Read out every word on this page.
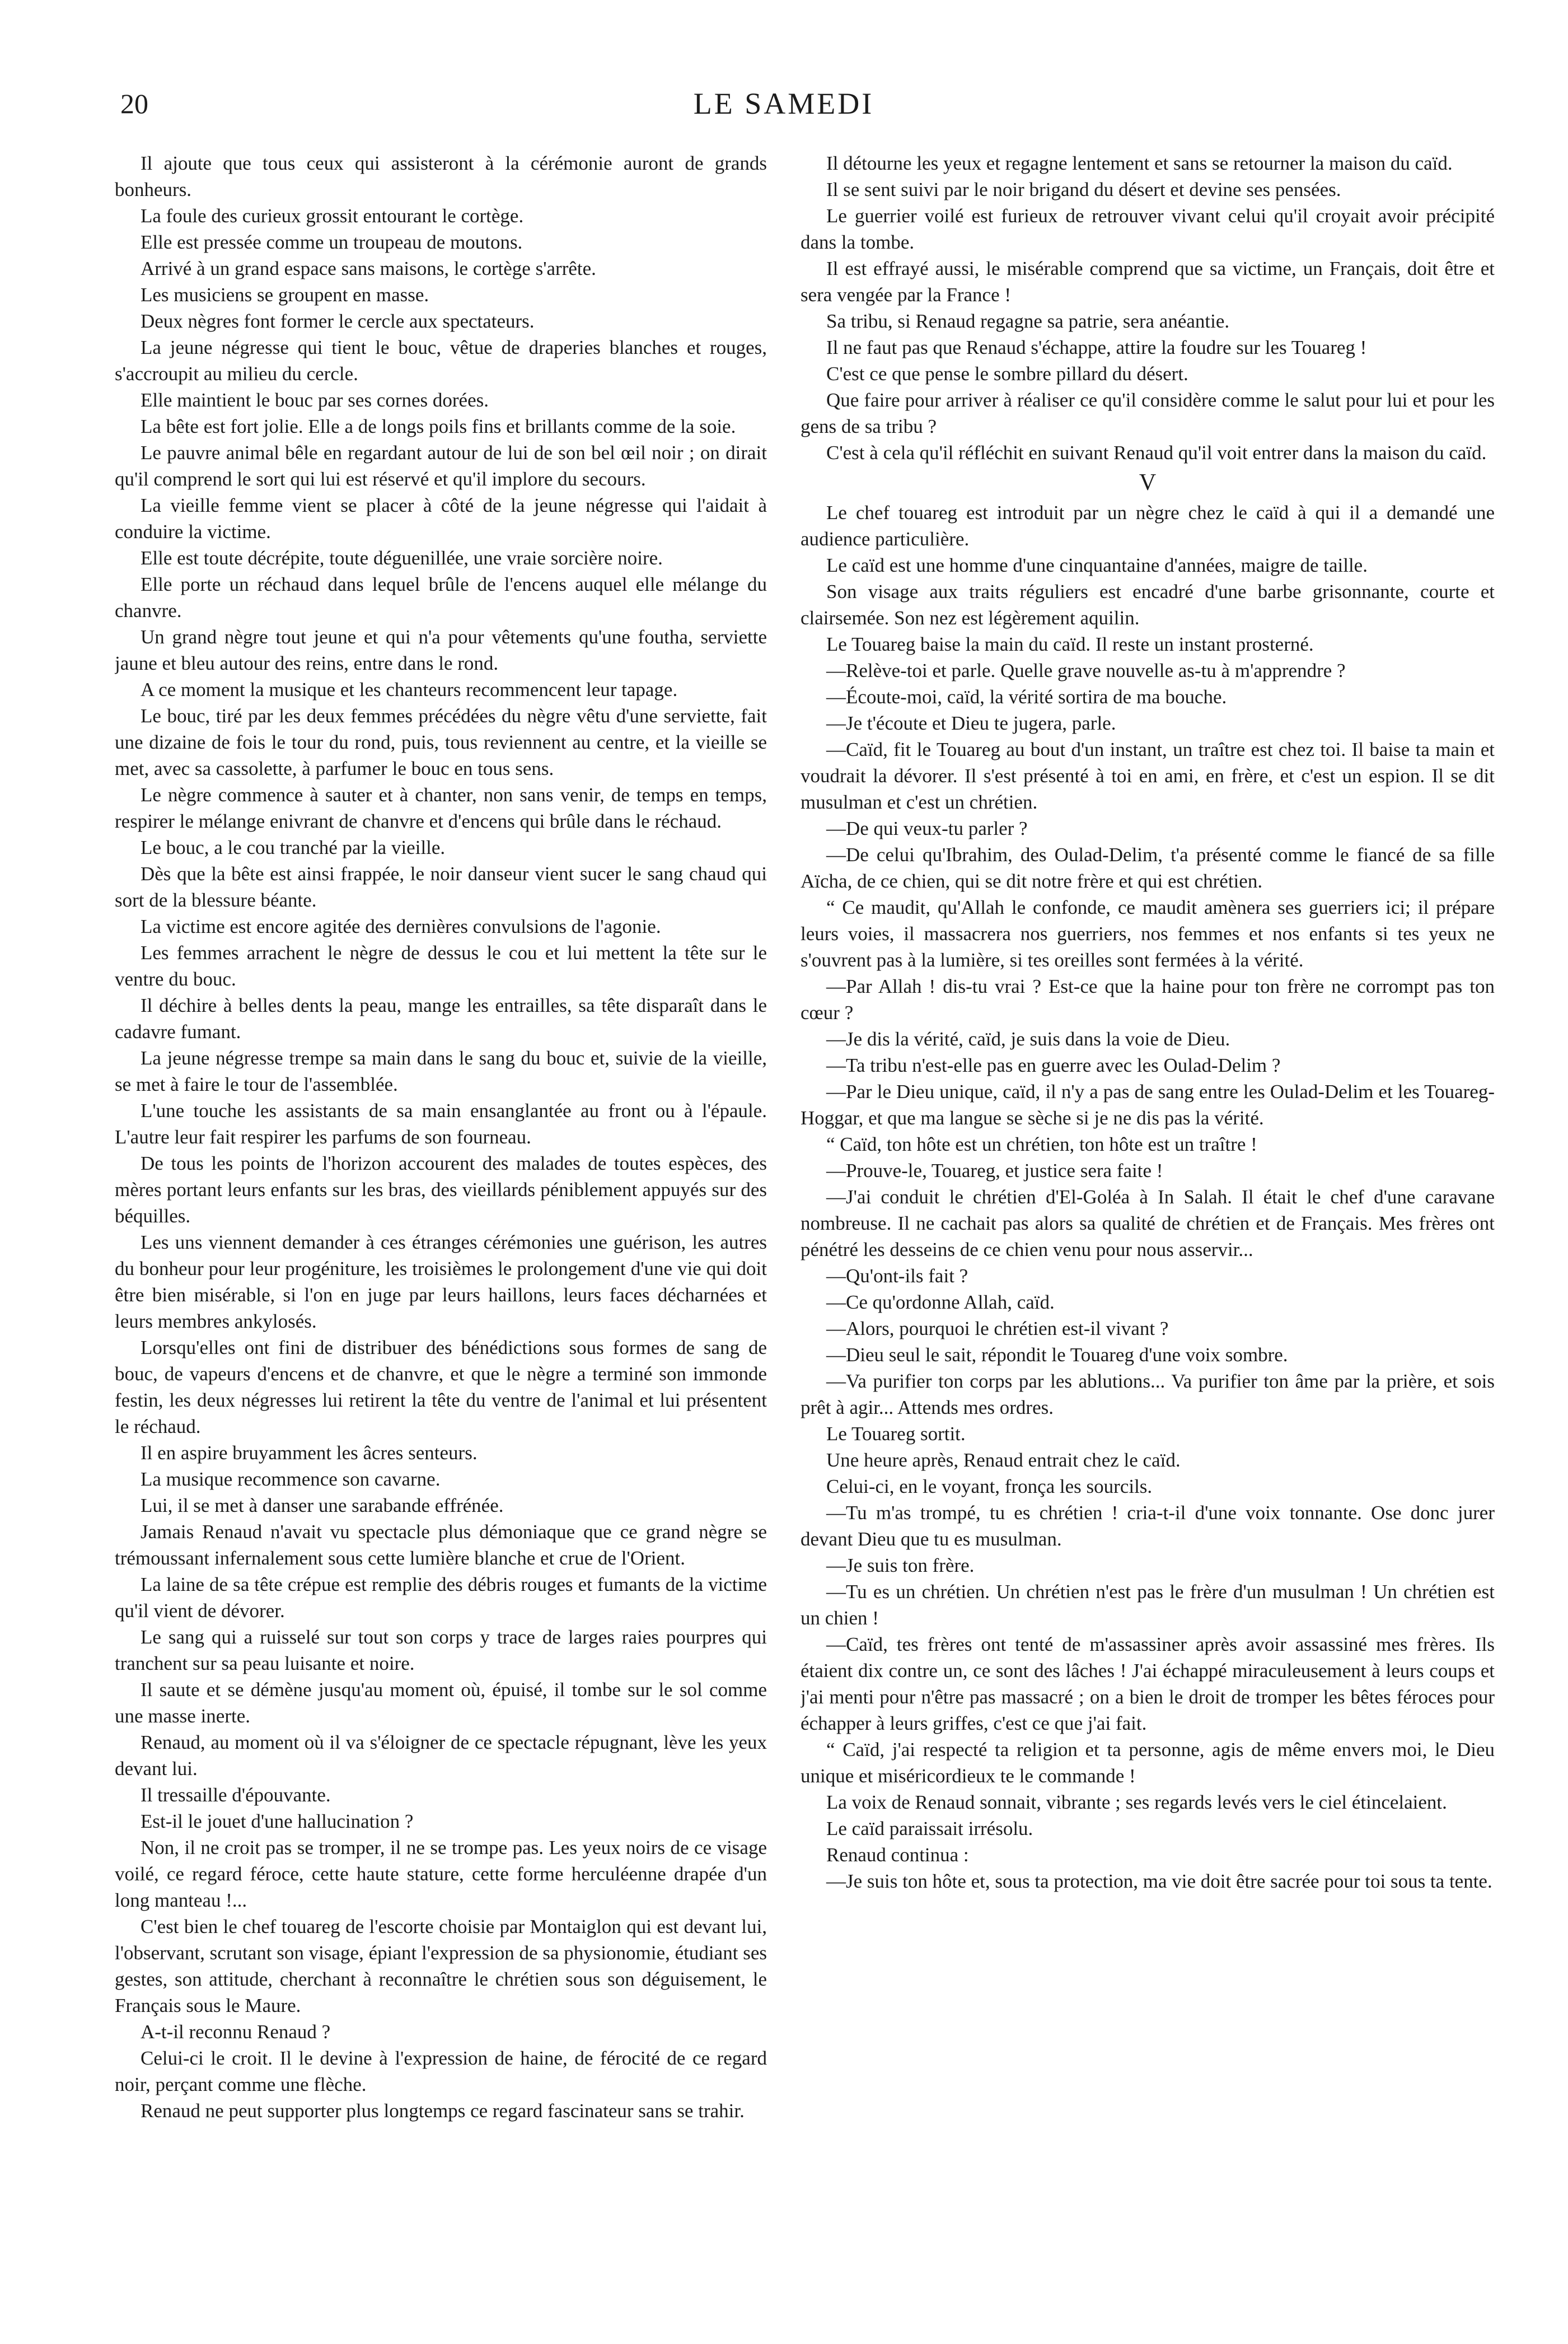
20	LE SAMEDI

Il ajoute que tous ceux qui assisteront à la cérémonie auront de grands bonheurs.

La foule des curieux grossit entourant le cortège.

Elle est pressée comme un troupeau de moutons.

Arrivé à un grand espace sans maisons, le cortège s'arrête.

Les musiciens se groupent en masse.

Deux nègres font former le cercle aux spectateurs.

La jeune négresse qui tient le bouc, vêtue de draperies blanches et rouges, s'accroupit au milieu du cercle.

Elle maintient le bouc par ses cornes dorées.

La bête est fort jolie. Elle a de longs poils fins et brillants comme de la soie.

Le pauvre animal bêle en regardant autour de lui de son bel œil noir ; on dirait qu'il comprend le sort qui lui est réservé et qu'il implore du secours.

La vieille femme vient se placer à côté de la jeune négresse qui l'aidait à conduire la victime.

Elle est toute décrépite, toute déguenillée, une vraie sorcière noire.

Elle porte un réchaud dans lequel brûle de l'encens auquel elle mélange du chanvre.

Un grand nègre tout jeune et qui n'a pour vêtements qu'une foutha, serviette jaune et bleu autour des reins, entre dans le rond.

A ce moment la musique et les chanteurs recommencent leur tapage.

Le bouc, tiré par les deux femmes précédées du nègre vêtu d'une serviette, fait une dizaine de fois le tour du rond, puis, tous reviennent au centre, et la vieille se met, avec sa cassolette, à parfumer le bouc en tous sens.

Le nègre commence à sauter et à chanter, non sans venir, de temps en temps, respirer le mélange enivrant de chanvre et d'encens qui brûle dans le réchaud.

Le bouc, a le cou tranché par la vieille.

Dès que la bête est ainsi frappée, le noir danseur vient sucer le sang chaud qui sort de la blessure béante.

La victime est encore agitée des dernières convulsions de l'agonie.

Les femmes arrachent le nègre de dessus le cou et lui mettent la tête sur le ventre du bouc.

Il déchire à belles dents la peau, mange les entrailles, sa tête disparaît dans le cadavre fumant.

La jeune négresse trempe sa main dans le sang du bouc et, suivie de la vieille, se met à faire le tour de l'assemblée.

L'une touche les assistants de sa main ensanglantée au front ou à l'épaule. L'autre leur fait respirer les parfums de son fourneau.

De tous les points de l'horizon accourent des malades de toutes espèces, des mères portant leurs enfants sur les bras, des vieillards péniblement appuyés sur des béquilles.

Les uns viennent demander à ces étranges cérémonies une guérison, les autres du bonheur pour leur progéniture, les troisièmes le prolongement d'une vie qui doit être bien misérable, si l'on en juge par leurs haillons, leurs faces décharnées et leurs membres ankylosés.

Lorsqu'elles ont fini de distribuer des bénédictions sous formes de sang de bouc, de vapeurs d'encens et de chanvre, et que le nègre a terminé son immonde festin, les deux négresses lui retirent la tête du ventre de l'animal et lui présentent le réchaud.

Il en aspire bruyamment les âcres senteurs.

La musique recommence son cavarne.

Lui, il se met à danser une sarabande effrénée.

Jamais Renaud n'avait vu spectacle plus démoniaque que ce grand nègre se trémoussant infernalement sous cette lumière blanche et crue de l'Orient.

La laine de sa tête crépue est remplie des débris rouges et fumants de la victime qu'il vient de dévorer.

Le sang qui a ruisselé sur tout son corps y trace de larges raies pourpres qui tranchent sur sa peau luisante et noire.

Il saute et se démène jusqu'au moment où, épuisé, il tombe sur le sol comme une masse inerte.

Renaud, au moment où il va s'éloigner de ce spectacle répugnant, lève les yeux devant lui.

Il tressaille d'épouvante.

Est-il le jouet d'une hallucination ?

Non, il ne croit pas se tromper, il ne se trompe pas. Les yeux noirs de ce visage voilé, ce regard féroce, cette haute stature, cette forme herculéenne drapée d'un long manteau !...

C'est bien le chef touareg de l'escorte choisie par Montaiglon qui est devant lui, l'observant, scrutant son visage, épiant l'expression de sa physionomie, étudiant ses gestes, son attitude, cherchant à reconnaître le chrétien sous son déguisement, le Français sous le Maure.

A-t-il reconnu Renaud ?

Celui-ci le croit. Il le devine à l'expression de haine, de férocité de ce regard noir, perçant comme une flèche.

Renaud ne peut supporter plus longtemps ce regard fascinateur sans se trahir.

Il détourne les yeux et regagne lentement et sans se retourner la maison du caïd.

Il se sent suivi par le noir brigand du désert et devine ses pensées.

Le guerrier voilé est furieux de retrouver vivant celui qu'il croyait avoir précipité dans la tombe.

Il est effrayé aussi, le misérable comprend que sa victime, un Français, doit être et sera vengée par la France !

Sa tribu, si Renaud regagne sa patrie, sera anéantie.

Il ne faut pas que Renaud s'échappe, attire la foudre sur les Touareg !

C'est ce que pense le sombre pillard du désert.

Que faire pour arriver à réaliser ce qu'il considère comme le salut pour lui et pour les gens de sa tribu ?

C'est à cela qu'il réfléchit en suivant Renaud qu'il voit entrer dans la maison du caïd.

V

Le chef touareg est introduit par un nègre chez le caïd à qui il a demandé une audience particulière.

Le caïd est une homme d'une cinquantaine d'années, maigre de taille.

Son visage aux traits réguliers est encadré d'une barbe grisonnante, courte et clairsemée. Son nez est légèrement aquilin.

Le Touareg baise la main du caïd. Il reste un instant prosterné.

—Relève-toi et parle. Quelle grave nouvelle as-tu à m'apprendre ?

—Écoute-moi, caïd, la vérité sortira de ma bouche.

—Je t'écoute et Dieu te jugera, parle.

—Caïd, fit le Touareg au bout d'un instant, un traître est chez toi. Il baise ta main et voudrait la dévorer. Il s'est présenté à toi en ami, en frère, et c'est un espion. Il se dit musulman et c'est un chrétien.

—De qui veux-tu parler ?

—De celui qu'Ibrahim, des Oulad-Delim, t'a présenté comme le fiancé de sa fille Aïcha, de ce chien, qui se dit notre frère et qui est chrétien.

“ Ce maudit, qu'Allah le confonde, ce maudit amènera ses guerriers ici; il prépare leurs voies, il massacrera nos guerriers, nos femmes et nos enfants si tes yeux ne s'ouvrent pas à la lumière, si tes oreilles sont fermées à la vérité.

—Par Allah ! dis-tu vrai ? Est-ce que la haine pour ton frère ne corrompt pas ton cœur ?

—Je dis la vérité, caïd, je suis dans la voie de Dieu.

—Ta tribu n'est-elle pas en guerre avec les Oulad-Delim ?

—Par le Dieu unique, caïd, il n'y a pas de sang entre les Oulad-Delim et les Touareg-Hoggar, et que ma langue se sèche si je ne dis pas la vérité.

“ Caïd, ton hôte est un chrétien, ton hôte est un traître !

—Prouve-le, Touareg, et justice sera faite !

—J'ai conduit le chrétien d'El-Goléa à In Salah. Il était le chef d'une caravane nombreuse. Il ne cachait pas alors sa qualité de chrétien et de Français. Mes frères ont pénétré les desseins de ce chien venu pour nous asservir...

—Qu'ont-ils fait ?

—Ce qu'ordonne Allah, caïd.

—Alors, pourquoi le chrétien est-il vivant ?

—Dieu seul le sait, répondit le Touareg d'une voix sombre.

—Va purifier ton corps par les ablutions... Va purifier ton âme par la prière, et sois prêt à agir... Attends mes ordres.

Le Touareg sortit.

Une heure après, Renaud entrait chez le caïd.

Celui-ci, en le voyant, fronça les sourcils.

—Tu m'as trompé, tu es chrétien ! cria-t-il d'une voix tonnante. Ose donc jurer devant Dieu que tu es musulman.

—Je suis ton frère.

—Tu es un chrétien. Un chrétien n'est pas le frère d'un musulman ! Un chrétien est un chien !

—Caïd, tes frères ont tenté de m'assassiner après avoir assassiné mes frères. Ils étaient dix contre un, ce sont des lâches ! J'ai échappé miraculeusement à leurs coups et j'ai menti pour n'être pas massacré ; on a bien le droit de tromper les bêtes féroces pour échapper à leurs griffes, c'est ce que j'ai fait.

“ Caïd, j'ai respecté ta religion et ta personne, agis de même envers moi, le Dieu unique et miséricordieux te le commande !

La voix de Renaud sonnait, vibrante ; ses regards levés vers le ciel étincelaient.

Le caïd paraissait irrésolu.

Renaud continua :

—Je suis ton hôte et, sous ta protection, ma vie doit être sacrée pour toi sous ta tente.
